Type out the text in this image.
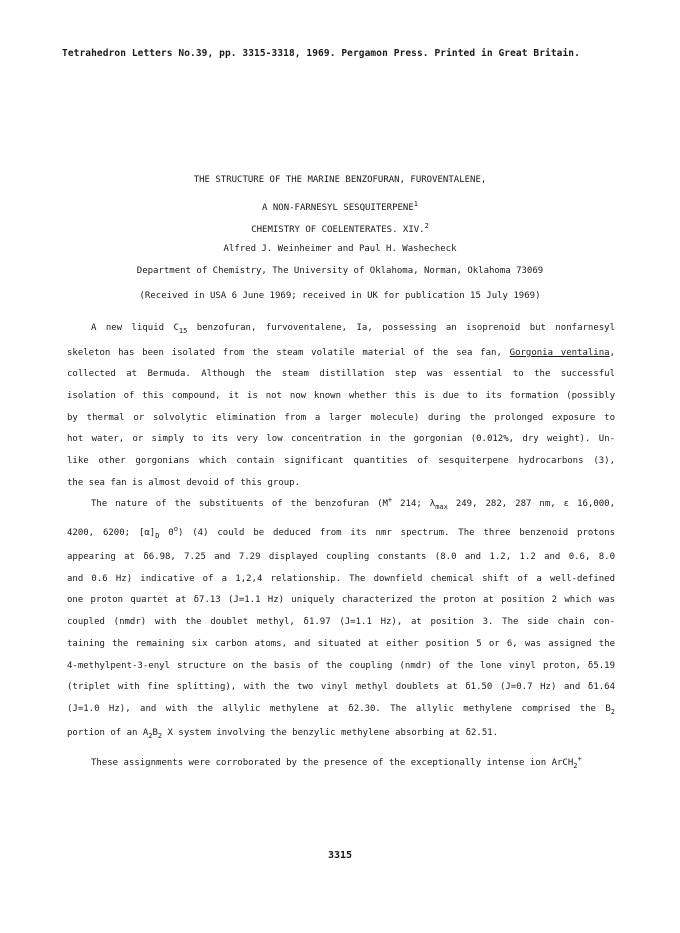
Tetrahedron Letters No.39, pp. 3315-3318, 1969. Pergamon Press. Printed in Great Britain.
THE STRUCTURE OF THE MARINE BENZOFURAN, FUROVENTALENE,
A NON-FARNESYL SESQUITERPENE$^1$
CHEMISTRY OF COELENTERATES. XIV.$^2$
Alfred J. Weinheimer and Paul H. Washecheck
Department of Chemistry, The University of Oklahoma, Norman, Oklahoma 73069
(Received in USA 6 June 1969; received in UK for publication 15 July 1969)
A new liquid $C_{15}$ benzofuran, furvoventalene, Ia, possessing an isoprenoid but nonfarnesyl
skeleton has been isolated from the steam volatile material of the sea fan, Gorgonia ventalina,
collected at Bermuda. Although the steam distillation step was essential to the successful
isolation of this compound, it is not now known whether this is due to its formation (possibly
by thermal or solvolytic elimination from a larger molecule) during the prolonged exposure to
hot water, or simply to its very low concentration in the gorgonian (0.012%, dry weight). Un-
like other gorgonians which contain significant quantities of sesquiterpene hydrocarbons (3),
the sea fan is almost devoid of this group.
The nature of the substituents of the benzofuran (M+ 214; $\lambda_{max}$ 249, 282, 287 nm, ε 16,000,
4200, 6200; $[\alpha]_D$ 0$^o$) (4) could be deduced from its nmr spectrum. The three benzenoid protons
appearing at δ6.98, 7.25 and 7.29 displayed coupling constants (8.0 and 1.2, 1.2 and 0.6, 8.0
and 0.6 Hz) indicative of a 1,2,4 relationship. The downfield chemical shift of a well-defined
one proton quartet at δ7.13 (J=1.1 Hz) uniquely characterized the proton at position 2 which was
coupled (nmdr) with the doublet methyl, δ1.97 (J=1.1 Hz), at position 3. The side chain con-
taining the remaining six carbon atoms, and situated at either position 5 or 6, was assigned the
4-methylpent-3-enyl structure on the basis of the coupling (nmdr) of the lone vinyl proton, δ5.19
(triplet with fine splitting), with the two vinyl methyl doublets at δ1.50 (J=0.7 Hz) and δ1.64
(J=1.0 Hz), and with the allylic methylene at δ2.30. The allylic methylene comprised the $B_2$
portion of an $A_2B_2$ X system involving the benzylic methylene absorbing at δ2.51.
These assignments were corroborated by the presence of the exceptionally intense ion ArCH$_2$+
3315
